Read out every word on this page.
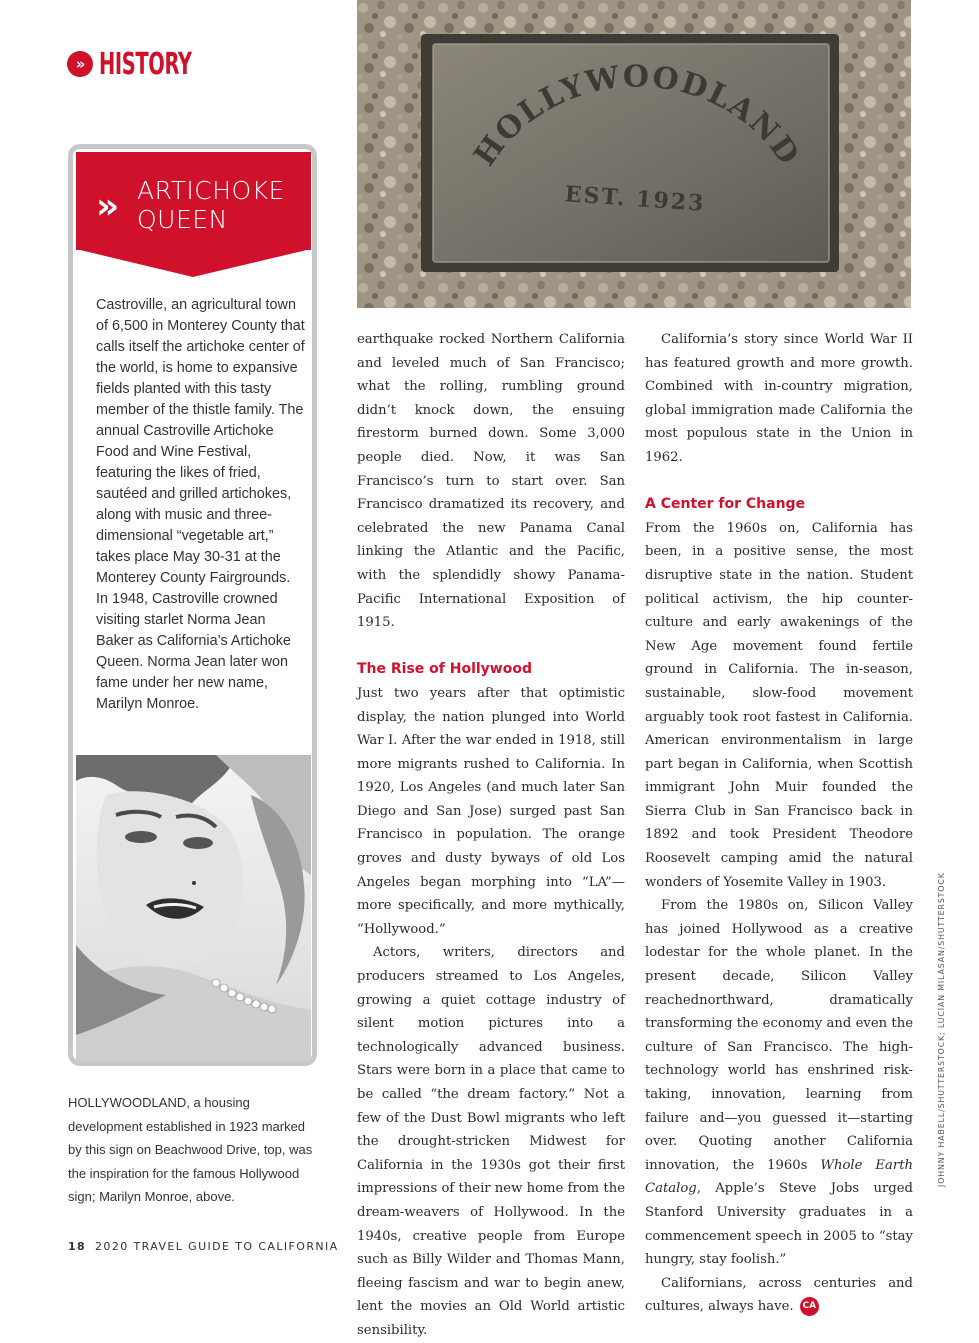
» HISTORY
HOLLYWOODLAND
EST. 1923
» ARTICHOKE
QUEEN
Castroville, an agricultural town of 6,500 in Monterey County that calls itself the artichoke center of the world, is home to expansive fields planted with this tasty member of the thistle family. The annual Castroville Artichoke Food and Wine Festival, featuring the likes of fried, sautéed and grilled artichokes, along with music and three-dimensional “vegetable art,” takes place May 30-31 at the Monterey County Fairgrounds. In 1948, Castroville crowned visiting starlet Norma Jean Baker as California’s Artichoke Queen. Norma Jean later won fame under her new name, Marilyn Monroe.
HOLLYWOODLAND, a housing development established in 1923 marked by this sign on Beachwood Drive, top, was the inspiration for the famous Hollywood sign; Marilyn Monroe, above.

earthquake rocked Northern California and leveled much of San Francisco; what the rolling, rumbling ground didn’t knock down, the ensuing firestorm burned down. Some 3,000 people died. Now, it was San Francisco’s turn to start over. San Francisco dramatized its recovery, and celebrated the new Panama Canal linking the Atlantic and the Pacific, with the splendidly showy Panama-Pacific International Exposition of 1915.

The Rise of Hollywood

Just two years after that optimistic display, the nation plunged into World War I. After the war ended in 1918, still more migrants rushed to California. In 1920, Los Angeles (and much later San Diego and San Jose) surged past San Francisco in population. The orange groves and dusty byways of old Los Angeles began morphing into “LA”—more specifically, and more mythically, “Hollywood.”

Actors, writers, directors and producers streamed to Los Angeles, growing a quiet cottage industry of silent motion pictures into a technologically advanced business. Stars were born in a place that came to be called “the dream factory.” Not a few of the Dust Bowl migrants who left the drought-stricken Midwest for California in the 1930s got their first impressions of their new home from the dream-weavers of Hollywood. In the 1940s, creative people from Europe such as Billy Wilder and Thomas Mann, fleeing fascism and war to begin anew, lent the movies an Old World artistic sensibility.

California’s story since World War II has featured growth and more growth. Combined with in-country migration, global immigration made California the most populous state in the Union in 1962.

A Center for Change

From the 1960s on, California has been, in a positive sense, the most disruptive state in the nation. Student political activism, the hip counter-culture and early awakenings of the New Age movement found fertile ground in California. The in-season, sustainable, slow-food movement arguably took root fastest in California. American environmentalism in large part began in California, when Scottish immigrant John Muir founded the Sierra Club in San Francisco back in 1892 and took President Theodore Roosevelt camping amid the natural wonders of Yosemite Valley in 1903.

From the 1980s on, Silicon Valley has joined Hollywood as a creative lodestar for the whole planet. In the present decade, Silicon Valley reachednorthward, dramatically transforming the economy and even the culture of San Francisco. The high-technology world has enshrined risk-taking, innovation, learning from failure and—you guessed it—starting over. Quoting another California innovation, the 1960s Whole Earth Catalog, Apple’s Steve Jobs urged Stanford University graduates in a commencement speech in 2005 to “stay hungry, stay foolish.”

Californians, across centuries and cultures, always have. CA

JOHNNY HABELL/SHUTTERSTOCK; LUCIAN MILASAN/SHUTTERSTOCK
18 2020 TRAVEL GUIDE TO CALIFORNIA
